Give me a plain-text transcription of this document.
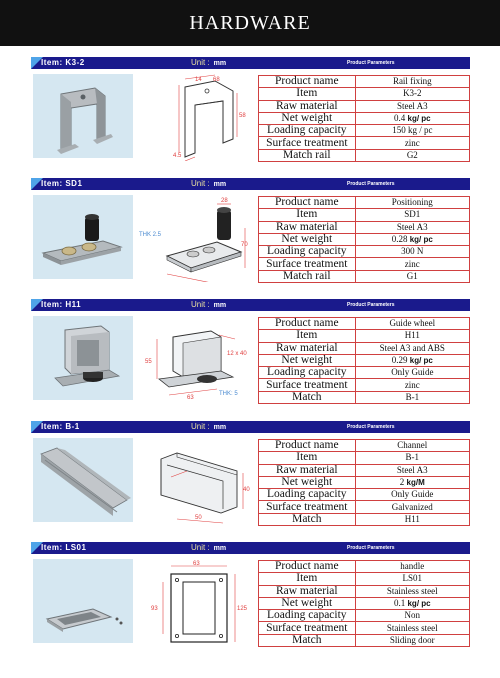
HARDWARE
Item: K3-2	Unit : mm	Product Parameters
68
4.5
58
14	Product name	Rail fixing
Item	K3-2
Raw material	Steel A3
Net weight	0.4 kg/ pc
Loading capacity	150 kg / pc
Surface treatment	zinc
Match rail	G2
Item: SD1	Unit : mm	Product Parameters
THK 2.5
70
28	Product name	Positioning
Item	SD1
Raw material	Steel A3
Net weight	0.28 kg/ pc
Loading capacity	300 N
Surface treatment	zinc
Match rail	G1
Item: H11	Unit : mm	Product Parameters
12 x 40
55
63
THK: 5
Product name	Guide wheel
Item	H11
Raw material	Steel A3 and ABS
Net weight	0.29 kg/ pc
Loading capacity	Only Guide
Surface treatment	zinc
Match	B-1
Item: B-1	Unit : mm	Product Parameters
40
50
Product name	Channel
Item	B-1
Raw material	Steel A3
Net weight	2 kg/M
Loading capacity	Only Guide
Surface treatment	Galvanized
Match	H11
Item: LS01	Unit : mm	Product Parameters
63
93	125
Product name	handle
Item	LS01
Raw material	Stainless steel
Net weight	0.1 kg/ pc
Loading capacity	Non
Surface treatment	Stainless steel
Match	Sliding door
